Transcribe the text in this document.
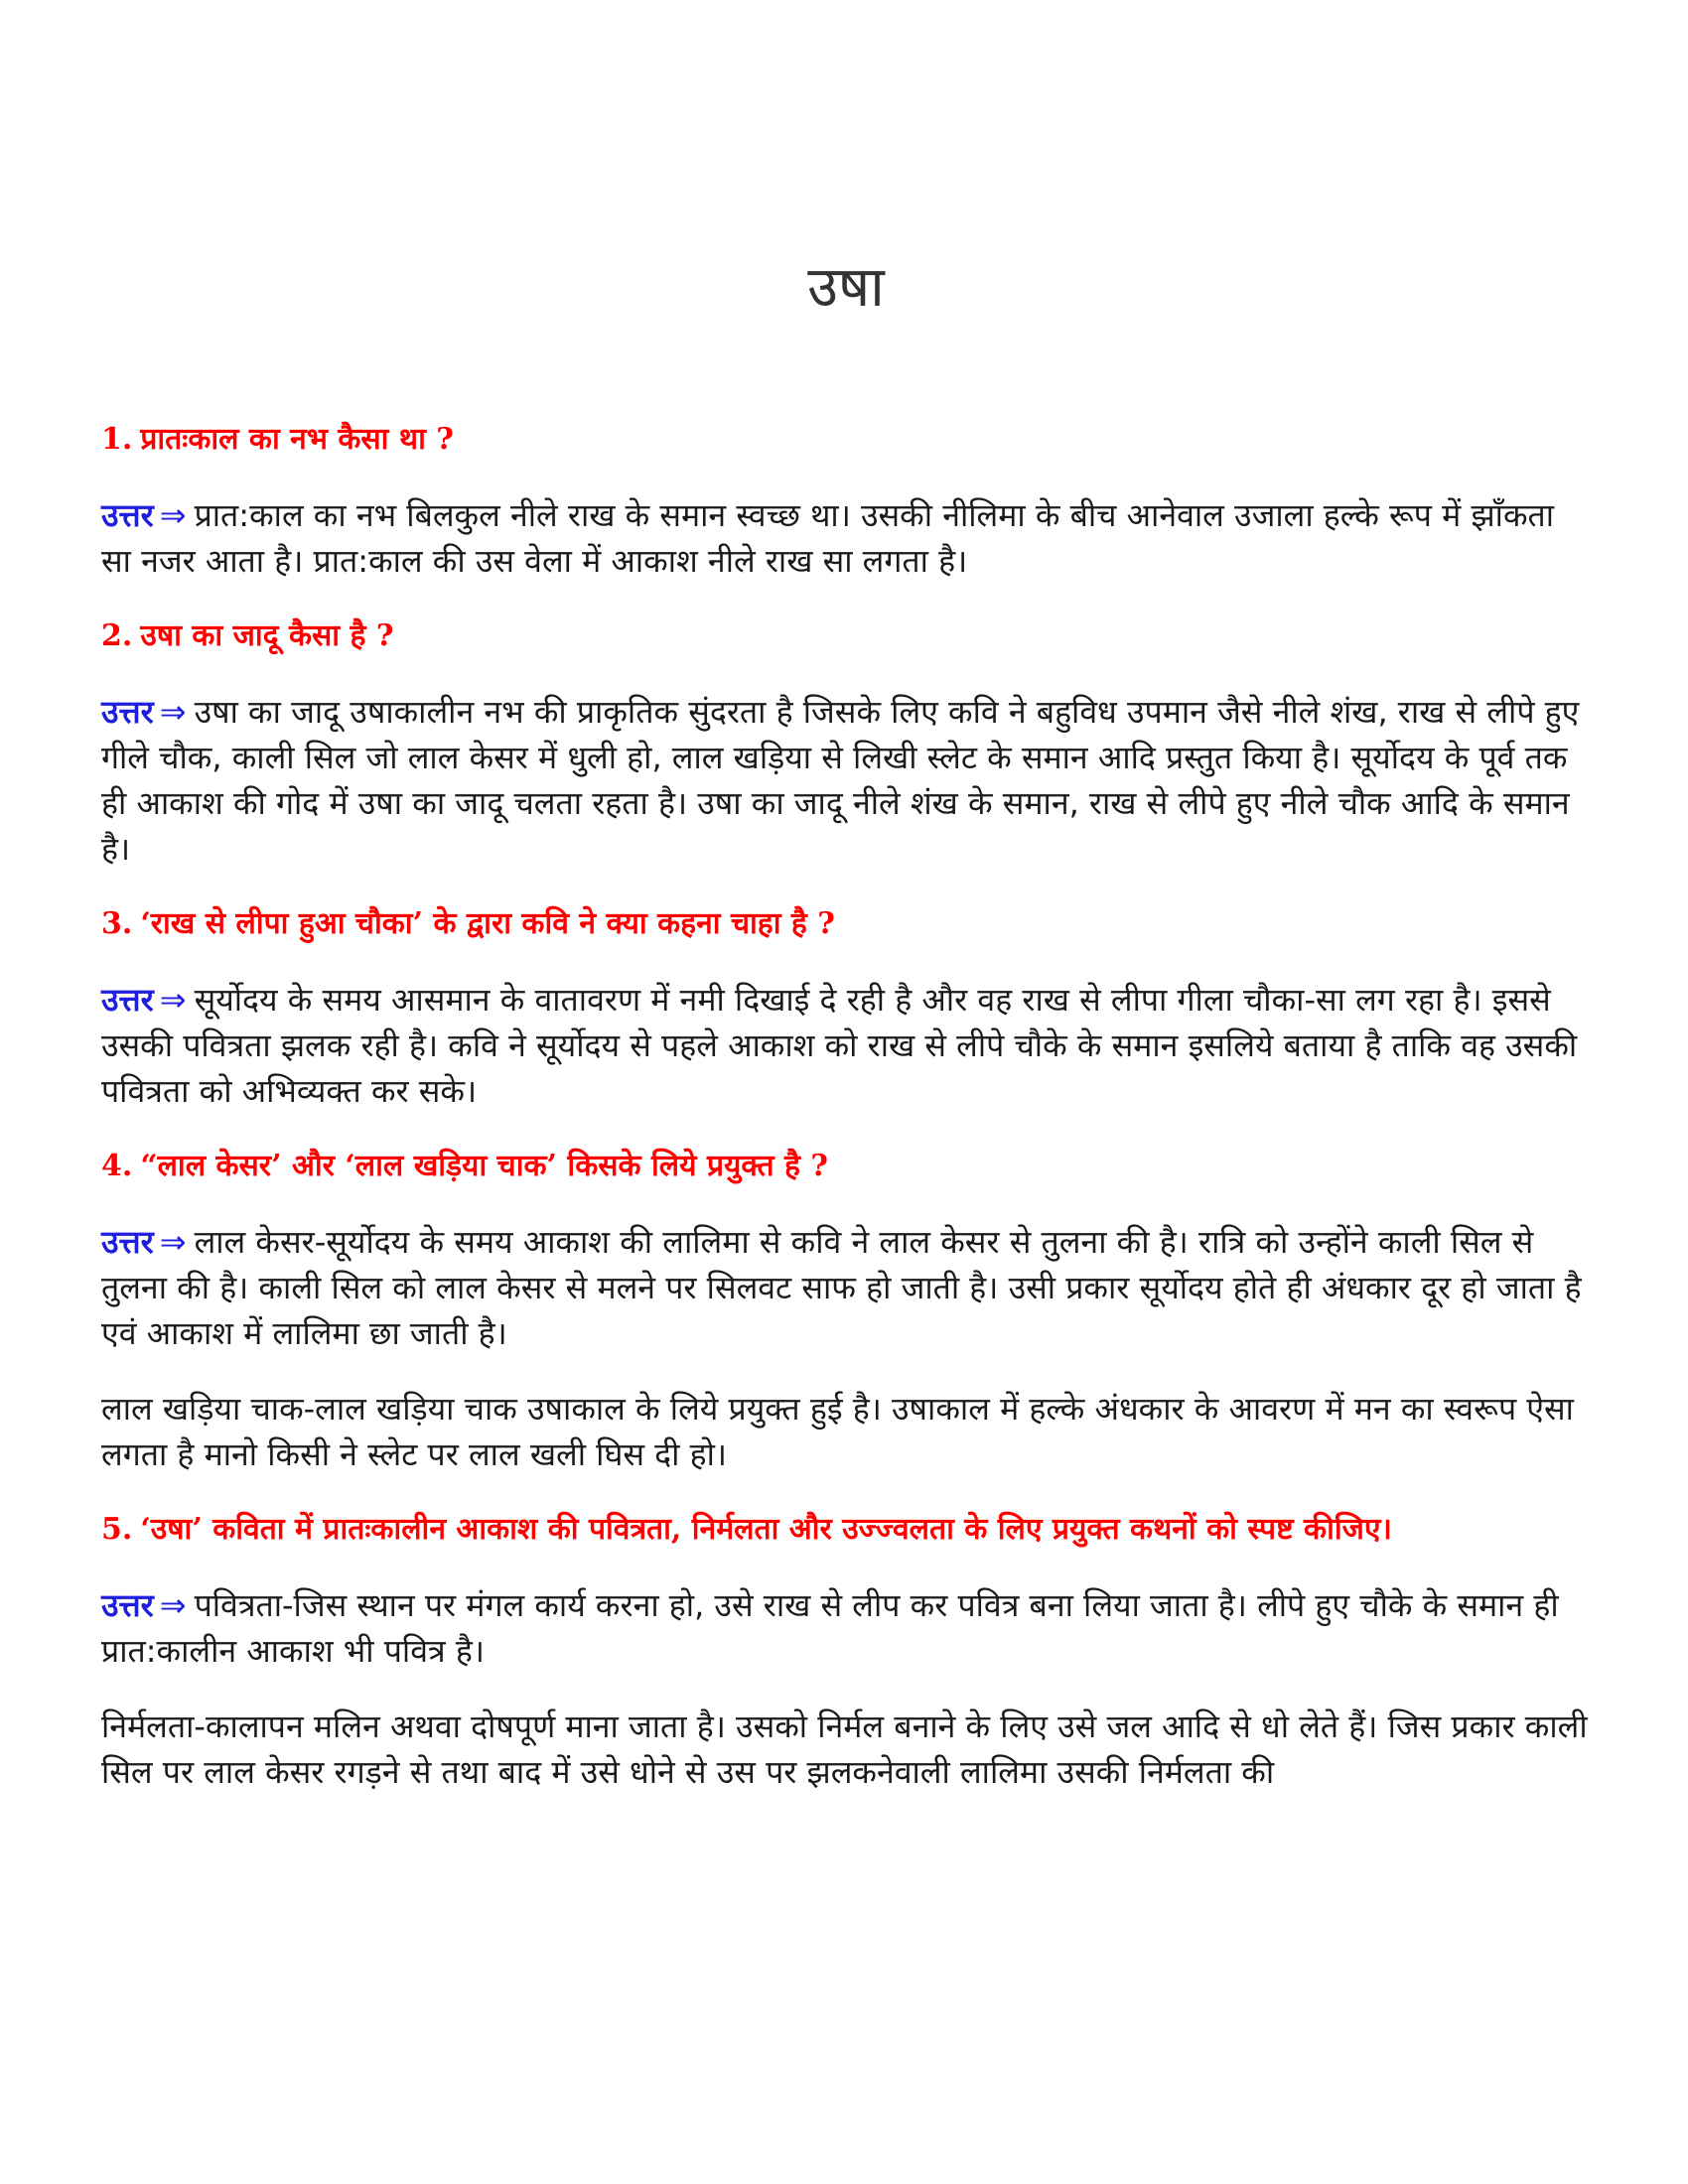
उषा

1. प्रातःकाल का नभ कैसा था ?

उत्तर ⇒ प्रात:काल का नभ बिलकुल नीले राख के समान स्वच्छ था। उसकी नीलिमा के बीच आनेवाल उजाला हल्के रूप में झाँकता सा नजर आता है। प्रात:काल की उस वेला में आकाश नीले राख सा लगता है।

2. उषा का जादू कैसा है ?

उत्तर ⇒ उषा का जादू उषाकालीन नभ की प्राकृतिक सुंदरता है जिसके लिए कवि ने बहुविध उपमान जैसे नीले शंख, राख से लीपे हुए गीले चौक, काली सिल जो लाल केसर में धुली हो, लाल खड़िया से लिखी स्लेट के समान आदि प्रस्तुत किया है। सूर्योदय के पूर्व तक ही आकाश की गोद में उषा का जादू चलता रहता है। उषा का जादू नीले शंख के समान, राख से लीपे हुए नीले चौक आदि के समान है।

3. ‘राख से लीपा हुआ चौका’ के द्वारा कवि ने क्या कहना चाहा है ?

उत्तर ⇒ सूर्योदय के समय आसमान के वातावरण में नमी दिखाई दे रही है और वह राख से लीपा गीला चौका-सा लग रहा है। इससे उसकी पवित्रता झलक रही है। कवि ने सूर्योदय से पहले आकाश को राख से लीपे चौके के समान इसलिये बताया है ताकि वह उसकी पवित्रता को अभिव्यक्त कर सके।

4. “लाल केसर’ और ‘लाल खड़िया चाक’ किसके लिये प्रयुक्त है ?

उत्तर ⇒ लाल केसर-सूर्योदय के समय आकाश की लालिमा से कवि ने लाल केसर से तुलना की है। रात्रि को उन्होंने काली सिल से तुलना की है। काली सिल को लाल केसर से मलने पर सिलवट साफ हो जाती है। उसी प्रकार सूर्योदय होते ही अंधकार दूर हो जाता है एवं आकाश में लालिमा छा जाती है।

लाल खड़िया चाक-लाल खड़िया चाक उषाकाल के लिये प्रयुक्त हुई है। उषाकाल में हल्के अंधकार के आवरण में मन का स्वरूप ऐसा लगता है मानो किसी ने स्लेट पर लाल खली घिस दी हो।

5. ‘उषा’ कविता में प्रातःकालीन आकाश की पवित्रता, निर्मलता और उज्ज्वलता के लिए प्रयुक्त कथनों को स्पष्ट कीजिए।

उत्तर ⇒ पवित्रता-जिस स्थान पर मंगल कार्य करना हो, उसे राख से लीप कर पवित्र बना लिया जाता है। लीपे हुए चौके के समान ही प्रात:कालीन आकाश भी पवित्र है।

निर्मलता-कालापन मलिन अथवा दोषपूर्ण माना जाता है। उसको निर्मल बनाने के लिए उसे जल आदि से धो लेते हैं। जिस प्रकार काली सिल पर लाल केसर रगड़ने से तथा बाद में उसे धोने से उस पर झलकनेवाली लालिमा उसकी निर्मलता की
